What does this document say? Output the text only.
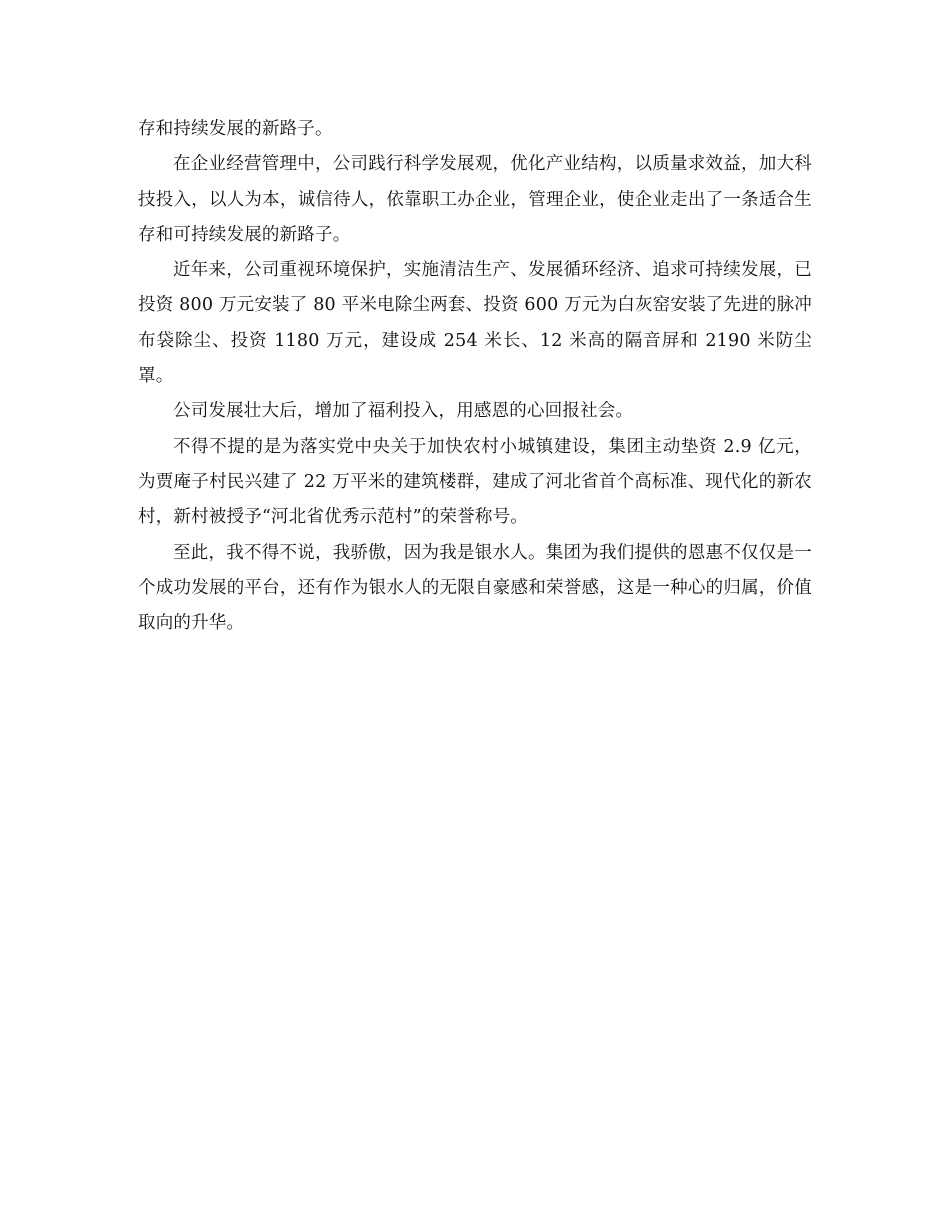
存和持续发展的新路子。

在企业经营管理中，公司践行科学发展观，优化产业结构，以质量求效益，加大科技投入，以人为本，诚信待人，依靠职工办企业，管理企业，使企业走出了一条适合生存和可持续发展的新路子。

近年来，公司重视环境保护，实施清洁生产、发展循环经济、追求可持续发展，已投资 800 万元安装了 80 平米电除尘两套、投资 600 万元为白灰窑安装了先进的脉冲布袋除尘、投资 1180 万元，建设成 254 米长、12 米高的隔音屏和 2190 米防尘罩。

公司发展壮大后，增加了福利投入，用感恩的心回报社会。

不得不提的是为落实党中央关于加快农村小城镇建设，集团主动垫资 2.9 亿元，为贾庵子村民兴建了 22 万平米的建筑楼群，建成了河北省首个高标准、现代化的新农村，新村被授予“河北省优秀示范村”的荣誉称号。

至此，我不得不说，我骄傲，因为我是银水人。集团为我们提供的恩惠不仅仅是一个成功发展的平台，还有作为银水人的无限自豪感和荣誉感，这是一种心的归属，价值取向的升华。
